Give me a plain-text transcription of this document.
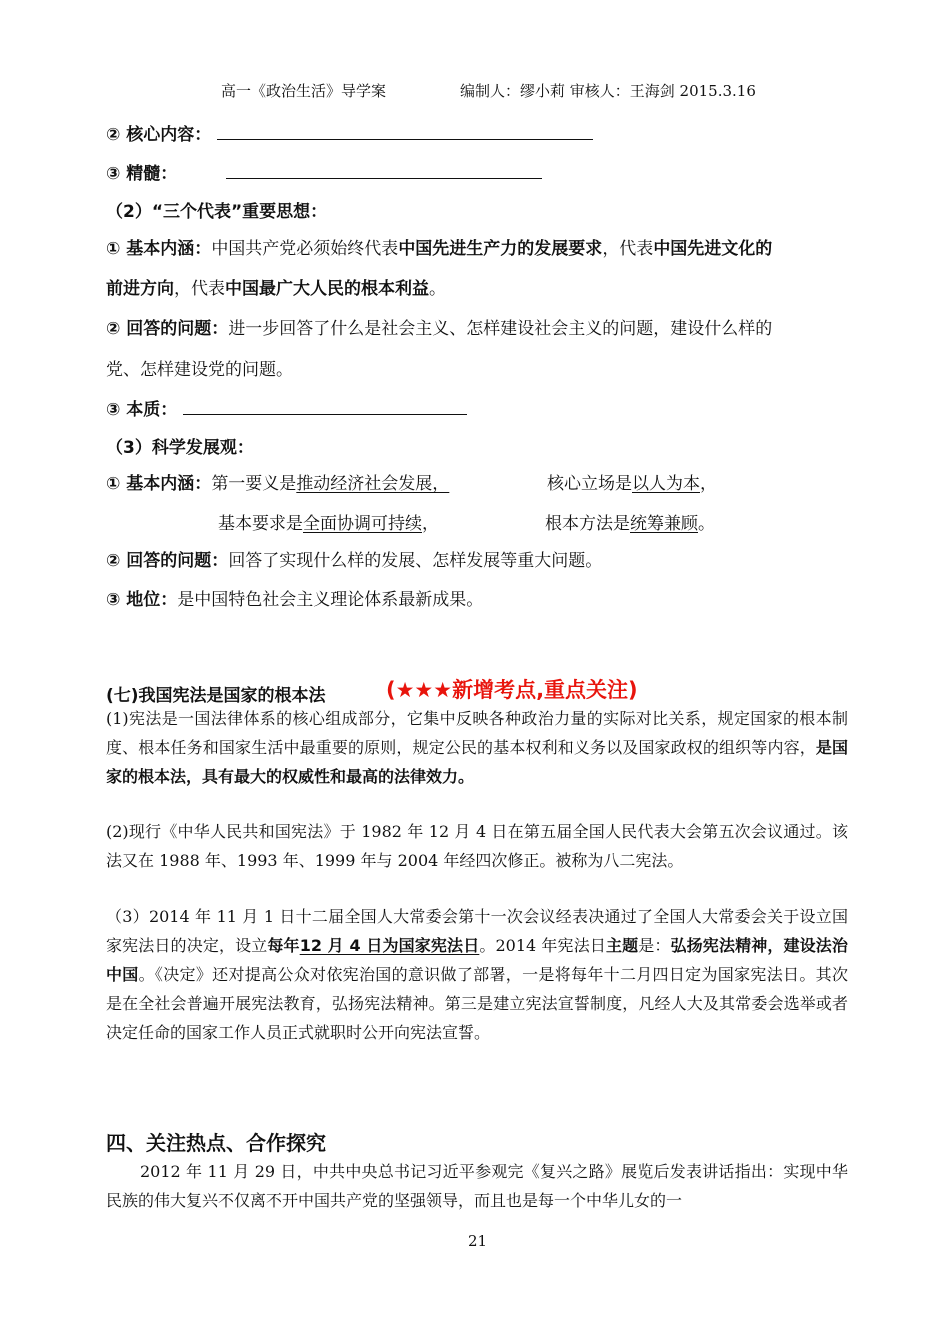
高一《政治生活》导学案	编制人：缪小莉 审核人：王海剑 2015.3.16
② 核心内容：
③ 精髓：
（2）“三个代表”重要思想：
① 基本内涵：中国共产党必须始终代表中国先进生产力的发展要求，代表中国先进文化的
前进方向，代表中国最广大人民的根本利益。
② 回答的问题：进一步回答了什么是社会主义、怎样建设社会主义的问题，建设什么样的
党、怎样建设党的问题。
③ 本质：
（3）科学发展观：
① 基本内涵：第一要义是推动经济社会发展，	核心立场是以人为本，
基本要求是全面协调可持续，	根本方法是统筹兼顾。
② 回答的问题：回答了实现什么样的发展、怎样发展等重大问题。
③ 地位：是中国特色社会主义理论体系最新成果。
(七)我国宪法是国家的根本法	(★★★新增考点,重点关注)
(1)宪法是一国法律体系的核心组成部分，它集中反映各种政治力量的实际对比关系，规定国家的根本制度、根本任务和国家生活中最重要的原则，规定公民的基本权利和义务以及国家政权的组织等内容，是国家的根本法，具有最大的权威性和最高的法律效力。
(2)现行《中华人民共和国宪法》于 1982 年 12 月 4 日在第五届全国人民代表大会第五次会议通过。该法又在 1988 年、1993 年、1999 年与 2004 年经四次修正。被称为八二宪法。
（3）2014 年 11 月 1 日十二届全国人大常委会第十一次会议经表决通过了全国人大常委会关于设立国家宪法日的决定，设立每年12 月 4 日为国家宪法日。2014 年宪法日主题是：弘扬宪法精神，建设法治中国。《决定》还对提高公众对依宪治国的意识做了部署，一是将每年十二月四日定为国家宪法日。其次是在全社会普遍开展宪法教育，弘扬宪法精神。第三是建立宪法宣誓制度，凡经人大及其常委会选举或者决定任命的国家工作人员正式就职时公开向宪法宣誓。
四、关注热点、合作探究
2012 年 11 月 29 日，中共中央总书记习近平参观完《复兴之路》展览后发表讲话指出：实现中华民族的伟大复兴不仅离不开中国共产党的坚强领导，而且也是每一个中华儿女的一
21
